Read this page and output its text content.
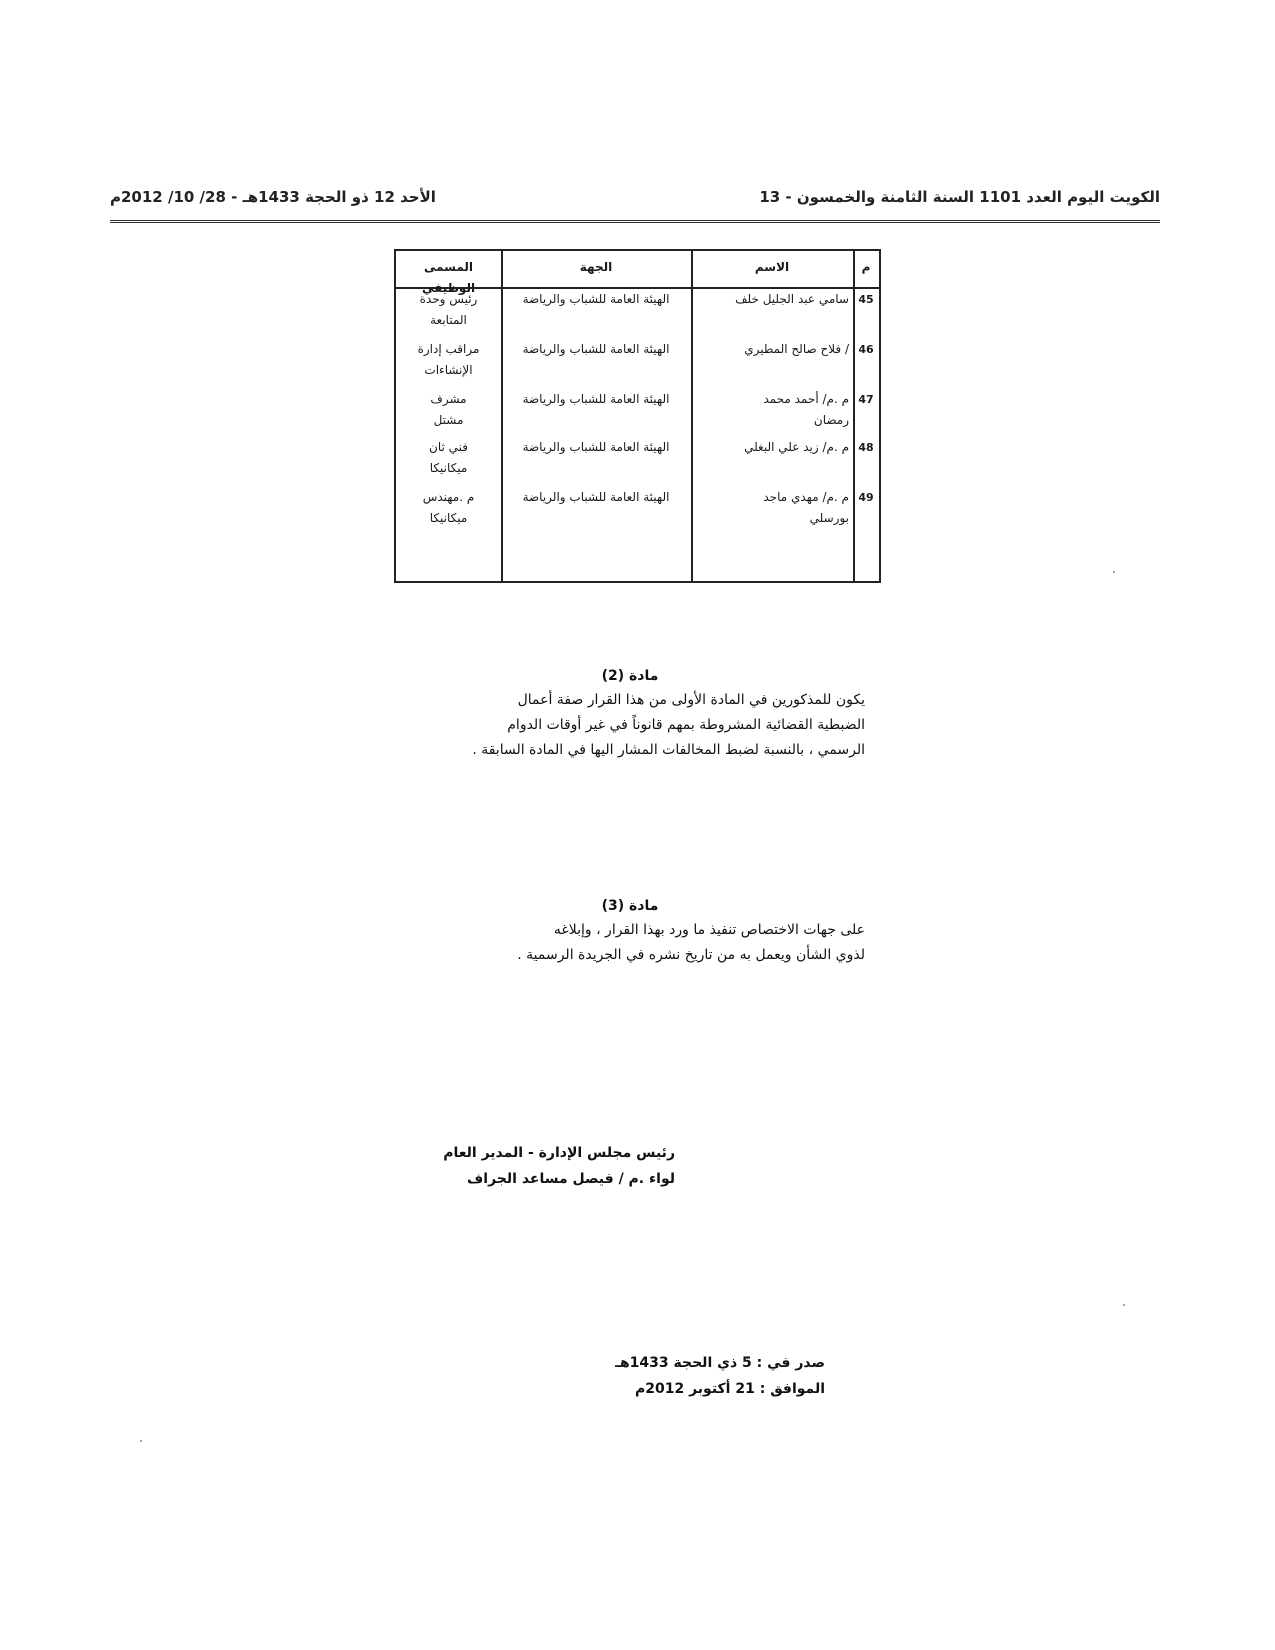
الكويت اليوم العدد 1101 السنة الثامنة والخمسون - 13
الأحد 12 ذو الحجة 1433هـ - 28/ 10/ 2012م
م
الاسم
الجهة
المسمى الوظيفي
45
سامي عبد الجليل خلف
الهيئة العامة للشباب والرياضة
رئيس وحدة
المتابعة
46
/ فلاح صالح المطيري
الهيئة العامة للشباب والرياضة
مراقب إدارة
الإنشاءات
47
م .م/ أحمد محمد
رمضان
الهيئة العامة للشباب والرياضة
مشرف
مشتل
48
م .م/ زيد علي البغلي
الهيئة العامة للشباب والرياضة
فني ثان
ميكانيكا
49
م .م/ مهدي ماجد
بورسلي
الهيئة العامة للشباب والرياضة
م .مهندس
ميكانيكا
مادة (2)
يكون للمذكورين في المادة الأولى من هذا القرار صفة أعمال
الضبطية القضائية المشروطة بمهم قانوناً في غير أوقات الدوام
الرسمي ، بالنسبة لضبط المخالفات المشار اليها في المادة السابقة .
مادة (3)
على جهات الاختصاص تنفيذ ما ورد بهذا القرار ، وإبلاغه
لذوي الشأن ويعمل به من تاريخ نشره في الجريدة الرسمية .
رئيس مجلس الإدارة - المدير العام
لواء .م / فيصل مساعد الجراف
صدر في : 5 ذي الحجة 1433هـ
الموافق : 21 أكتوبر 2012م
